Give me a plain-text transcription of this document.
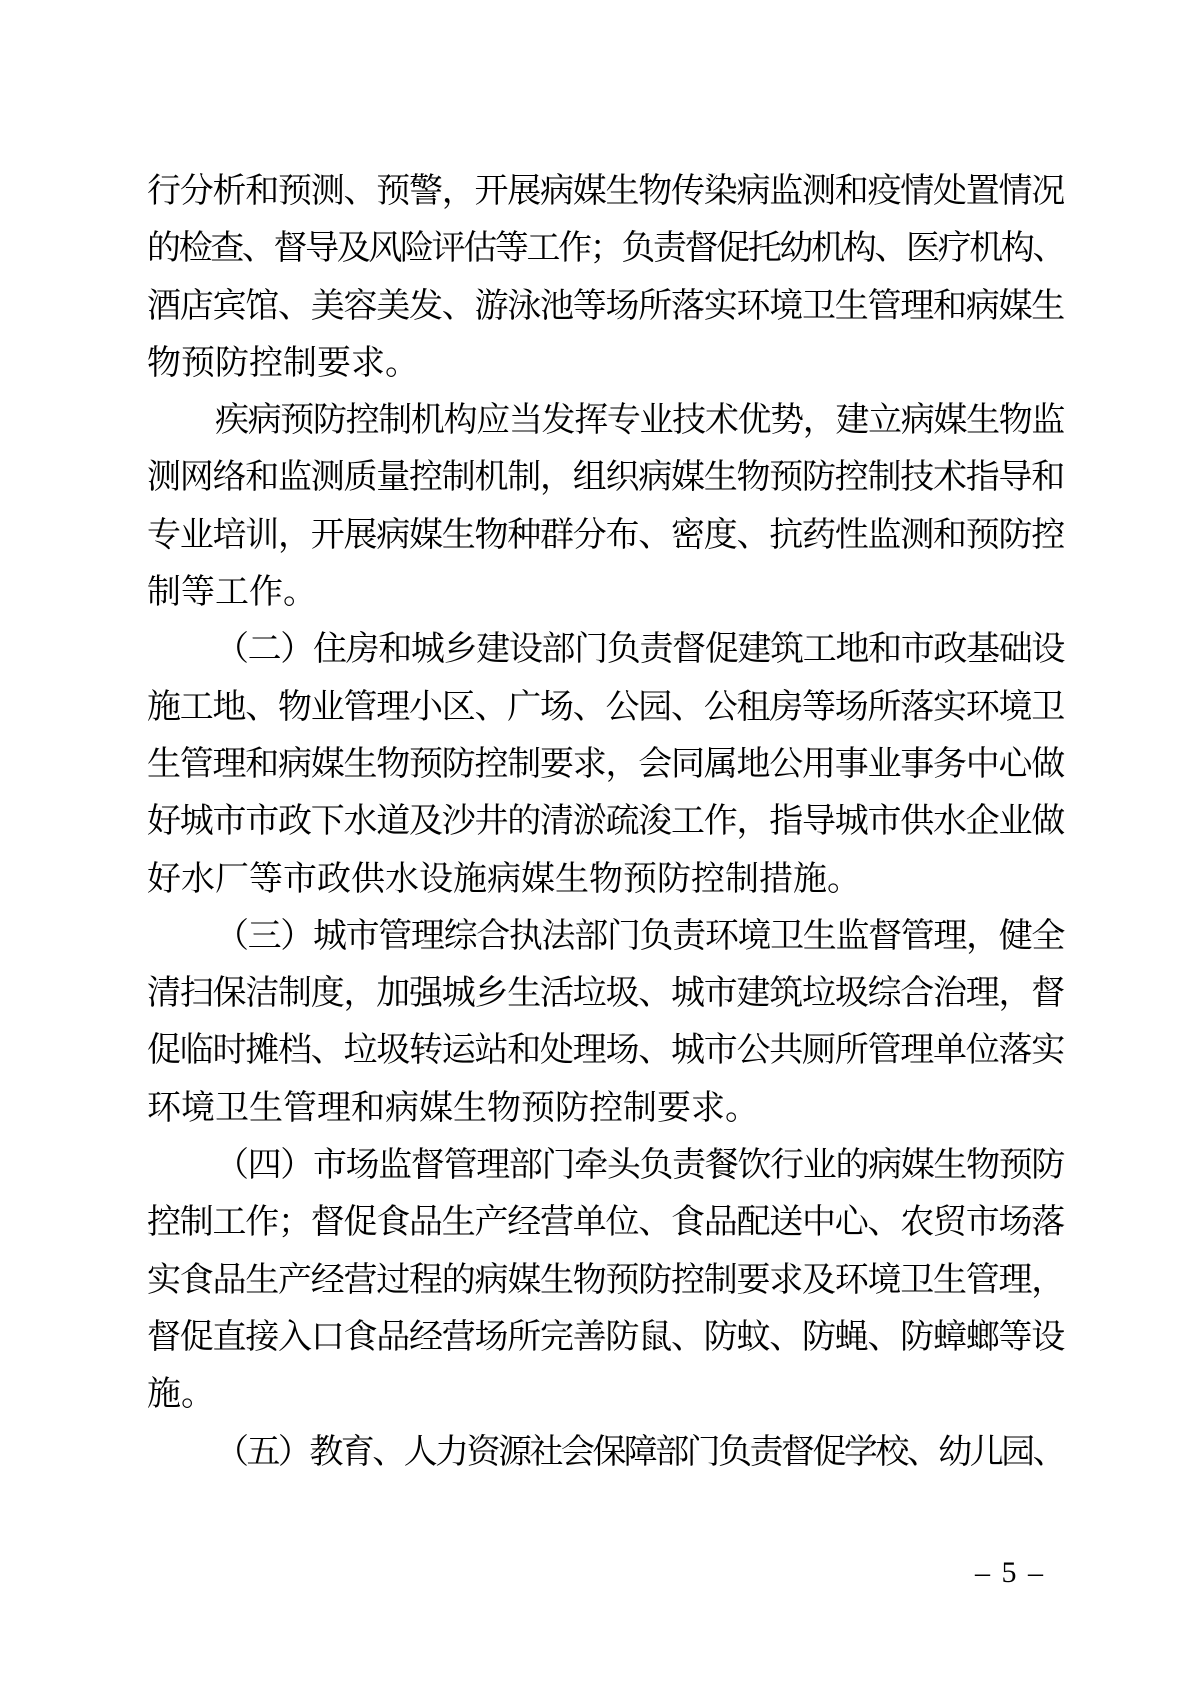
行分析和预测、预警，开展病媒生物传染病监测和疫情处置情况
的检查、督导及风险评估等工作；负责督促托幼机构、医疗机构、
酒店宾馆、美容美发、游泳池等场所落实环境卫生管理和病媒生
物预防控制要求。
疾病预防控制机构应当发挥专业技术优势，建立病媒生物监
测网络和监测质量控制机制，组织病媒生物预防控制技术指导和
专业培训，开展病媒生物种群分布、密度、抗药性监测和预防控
制等工作。
（二）住房和城乡建设部门负责督促建筑工地和市政基础设
施工地、物业管理小区、广场、公园、公租房等场所落实环境卫
生管理和病媒生物预防控制要求，会同属地公用事业事务中心做
好城市市政下水道及沙井的清淤疏浚工作，指导城市供水企业做
好水厂等市政供水设施病媒生物预防控制措施。
（三）城市管理综合执法部门负责环境卫生监督管理，健全
清扫保洁制度，加强城乡生活垃圾、城市建筑垃圾综合治理，督
促临时摊档、垃圾转运站和处理场、城市公共厕所管理单位落实
环境卫生管理和病媒生物预防控制要求。
（四）市场监督管理部门牵头负责餐饮行业的病媒生物预防
控制工作；督促食品生产经营单位、食品配送中心、农贸市场落
实食品生产经营过程的病媒生物预防控制要求及环境卫生管理，
督促直接入口食品经营场所完善防鼠、防蚊、防蝇、防蟑螂等设
施。
（五）教育、人力资源社会保障部门负责督促学校、幼儿园、
– 5 –
